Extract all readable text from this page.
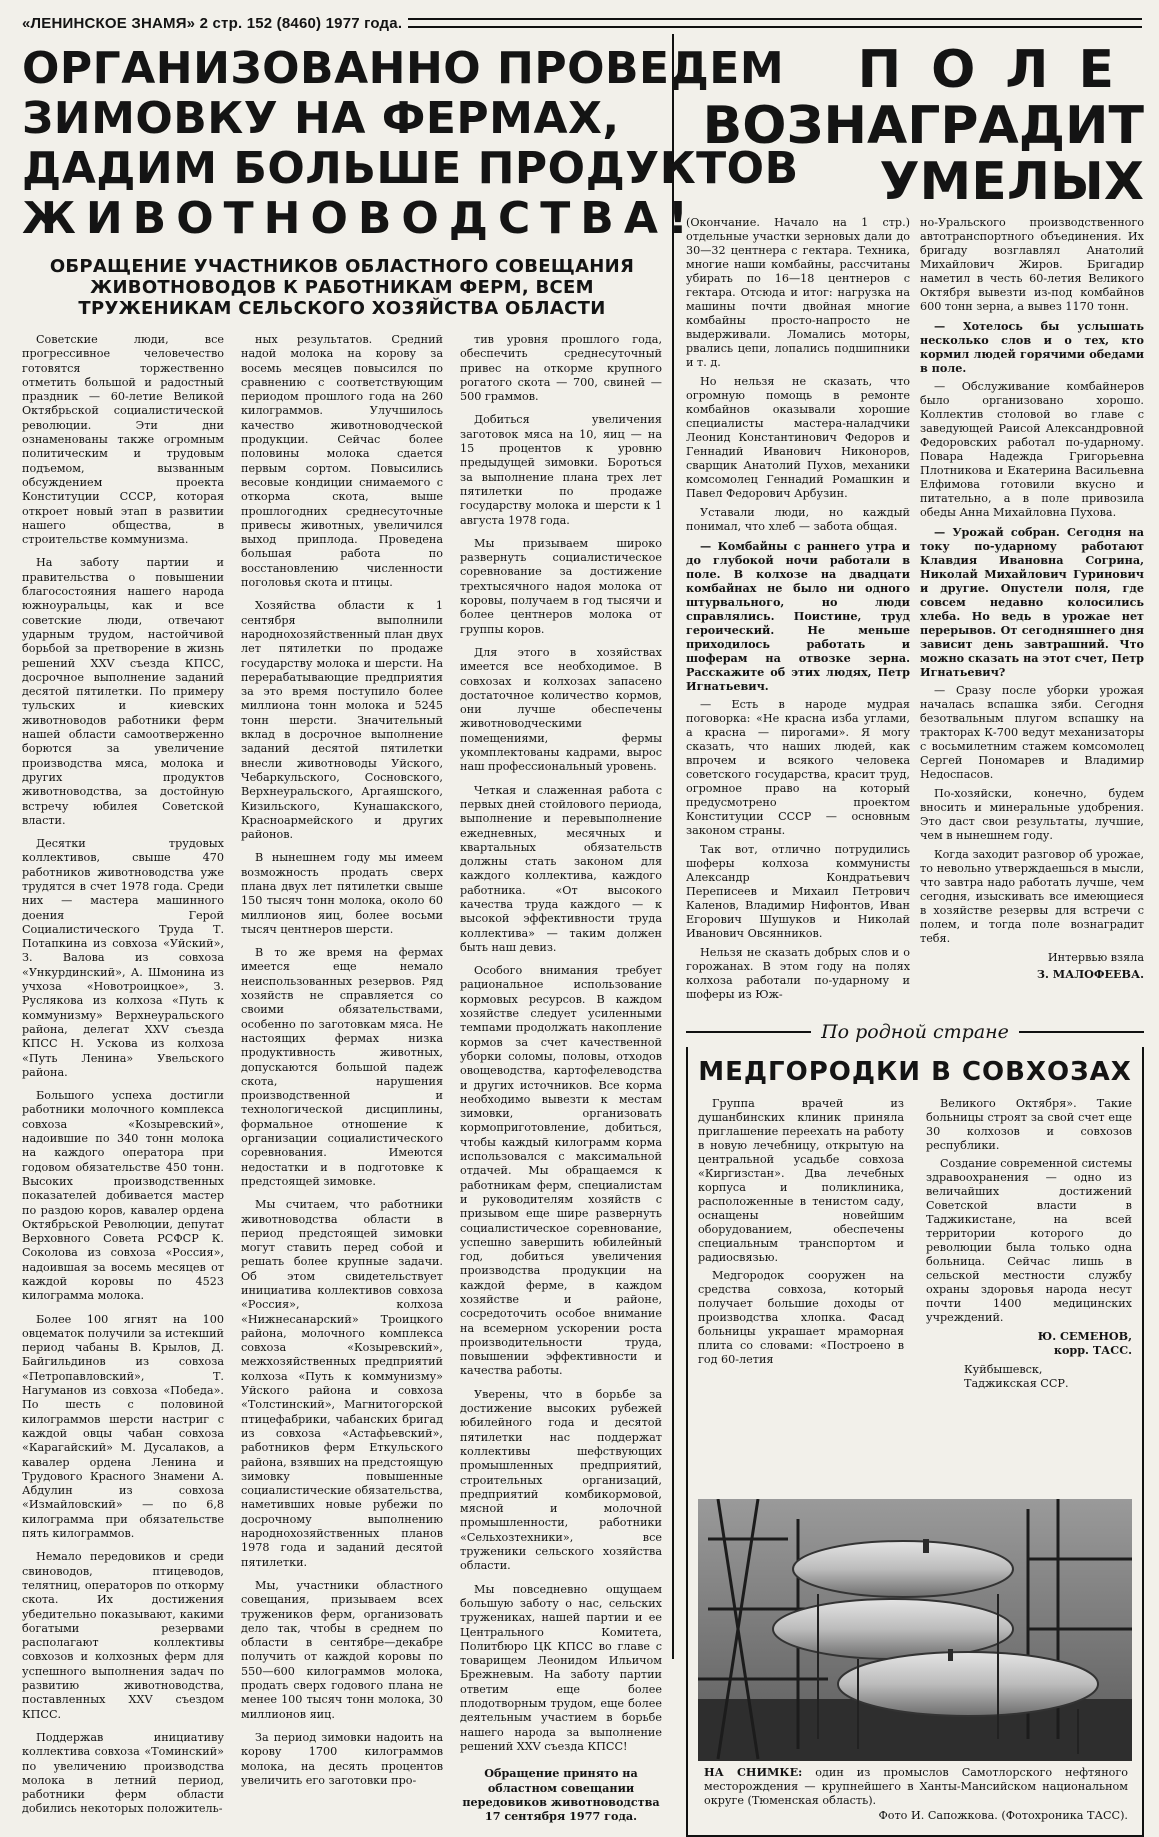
«ЛЕНИНСКОЕ ЗНАМЯ» 2 стр. 152 (8460) 1977 года.
ОРГАНИЗОВАННО ПРОВЕДЕМ
ЗИМОВКУ НА ФЕРМАХ,
ДАДИМ БОЛЬШЕ ПРОДУКТОВ
ЖИВОТНОВОДСТВА!
ОБРАЩЕНИЕ УЧАСТНИКОВ ОБЛАСТНОГО СОВЕЩАНИЯ ЖИВОТНОВОДОВ К РАБОТНИКАМ ФЕРМ, ВСЕМ ТРУЖЕНИКАМ СЕЛЬСКОГО ХОЗЯЙСТВА ОБЛАСТИ

Советские люди, все прогрессивное человечество готовятся торжественно отметить большой и радостный праздник — 60-летие Великой Октябрьской социалистической революции. Эти дни ознаменованы также огромным политическим и трудовым подъемом, вызванным обсуждением проекта Конституции СССР, которая откроет новый этап в развитии нашего общества, в строительстве коммунизма.

На заботу партии и правительства о повышении благосостояния нашего народа южноуральцы, как и все советские люди, отвечают ударным трудом, настойчивой борьбой за претворение в жизнь решений XXV съезда КПСС, досрочное выполнение заданий десятой пятилетки. По примеру тульских и киевских животноводов работники ферм нашей области самоотверженно борются за увеличение производства мяса, молока и других продуктов животноводства, за достойную встречу юбилея Советской власти.

Десятки трудовых коллективов, свыше 470 работников животноводства уже трудятся в счет 1978 года. Среди них — мастера машинного доения Герой Социалистического Труда Т. Потапкина из совхоза «Уйский», З. Валова из совхоза «Ункурдинский», А. Шмонина из учхоза «Новотроицкое», З. Руслякова из колхоза «Путь к коммунизму» Верхнеуральского района, делегат XXV съезда КПСС Н. Ускова из колхоза «Путь Ленина» Увельского района.

Большого успеха достигли работники молочного комплекса совхоза «Козыревский», надоившие по 340 тонн молока на каждого оператора при годовом обязательстве 450 тонн. Высоких производственных показателей добивается мастер по раздою коров, кавалер ордена Октябрьской Революции, депутат Верховного Совета РСФСР К. Соколова из совхоза «Россия», надоившая за восемь месяцев от каждой коровы по 4523 килограмма молока.

Более 100 ягнят на 100 овцематок получили за истекший период чабаны В. Крылов, Д. Байгильдинов из совхоза «Петропавловский», Т. Нагуманов из совхоза «Победа». По шесть с половиной килограммов шерсти настриг с каждой овцы чабан совхоза «Карагайский» М. Дусалаков, а кавалер ордена Ленина и Трудового Красного Знамени А. Абдулин из совхоза «Измайловский» — по 6,8 килограмма при обязательстве пять килограммов.

Немало передовиков и среди свиноводов, птицеводов, телятниц, операторов по откорму скота. Их достижения убедительно показывают, какими богатыми резервами располагают коллективы совхозов и колхозных ферм для успешного выполнения задач по развитию животноводства, поставленных XXV съездом КПСС.

Поддержав инициативу коллектива совхоза «Томинский» по увеличению производства молока в летний период, работники ферм области добились некоторых положитель-

ных результатов. Средний надой молока на корову за восемь месяцев повысился по сравнению с соответствующим периодом прошлого года на 260 килограммов. Улучшилось качество животноводческой продукции. Сейчас более половины молока сдается первым сортом. Повысились весовые кондиции снимаемого с откорма скота, выше прошлогодних среднесуточные привесы животных, увеличился выход приплода. Проведена большая работа по восстановлению численности поголовья скота и птицы.

Хозяйства области к 1 сентября выполнили народнохозяйственный план двух лет пятилетки по продаже государству молока и шерсти. На перерабатывающие предприятия за это время поступило более миллиона тонн молока и 5245 тонн шерсти. Значительный вклад в досрочное выполнение заданий десятой пятилетки внесли животноводы Уйского, Чебаркульского, Сосновского, Верхнеуральского, Аргаяшского, Кизильского, Кунашакского, Красноармейского и других районов.

В нынешнем году мы имеем возможность продать сверх плана двух лет пятилетки свыше 150 тысяч тонн молока, около 60 миллионов яиц, более восьми тысяч центнеров шерсти.

В то же время на фермах имеется еще немало неиспользованных резервов. Ряд хозяйств не справляется со своими обязательствами, особенно по заготовкам мяса. Не настоящих фермах низка продуктивность животных, допускаются большой падеж скота, нарушения производственной и технологической дисциплины, формальное отношение к организации социалистического соревнования. Имеются недостатки и в подготовке к предстоящей зимовке.

Мы считаем, что работники животноводства области в период предстоящей зимовки могут ставить перед собой и решать более крупные задачи. Об этом свидетельствует инициатива коллективов совхоза «Россия», колхоза «Нижнесанарский» Троицкого района, молочного комплекса совхоза «Козыревский», межхозяйственных предприятий колхоза «Путь к коммунизму» Уйского района и совхоза «Толстинский», Магнитогорской птицефабрики, чабанских бригад из совхоза «Астафьевский», работников ферм Еткульского района, взявших на предстоящую зимовку повышенные социалистические обязательства, наметивших новые рубежи по досрочному выполнению народнохозяйственных планов 1978 года и заданий десятой пятилетки.

Мы, участники областного совещания, призываем всех тружеников ферм, организовать дело так, чтобы в среднем по области в сентябре—декабре получить от каждой коровы по 550—600 килограммов молока, продать сверх годового плана не менее 100 тысяч тонн молока, 30 миллионов яиц.

За период зимовки надоить на корову 1700 килограммов молока, на десять процентов увеличить его заготовки про-

тив уровня прошлого года, обеспечить среднесуточный привес на откорме крупного рогатого скота — 700, свиней — 500 граммов.

Добиться увеличения заготовок мяса на 10, яиц — на 15 процентов к уровню предыдущей зимовки. Бороться за выполнение плана трех лет пятилетки по продаже государству молока и шерсти к 1 августа 1978 года.

Мы призываем широко развернуть социалистическое соревнование за достижение трехтысячного надоя молока от коровы, получаем в год тысячи и более центнеров молока от группы коров.

Для этого в хозяйствах имеется все необходимое. В совхозах и колхозах запасено достаточное количество кормов, они лучше обеспечены животноводческими помещениями, фермы укомплектованы кадрами, вырос наш профессиональный уровень.

Четкая и слаженная работа с первых дней стойлового периода, выполнение и перевыполнение ежедневных, месячных и квартальных обязательств должны стать законом для каждого коллектива, каждого работника. «От высокого качества труда каждого — к высокой эффективности труда коллектива» — таким должен быть наш девиз.

Особого внимания требует рациональное использование кормовых ресурсов. В каждом хозяйстве следует усиленными темпами продолжать накопление кормов за счет качественной уборки соломы, половы, отходов овощеводства, картофелеводства и других источников. Все корма необходимо вывезти к местам зимовки, организовать кормоприготовление, добиться, чтобы каждый килограмм корма использовался с максимальной отдачей. Мы обращаемся к работникам ферм, специалистам и руководителям хозяйств с призывом еще шире развернуть социалистическое соревнование, успешно завершить юбилейный год, добиться увеличения производства продукции на каждой ферме, в каждом хозяйстве и районе, сосредоточить особое внимание на всемерном ускорении роста производительности труда, повышении эффективности и качества работы.

Уверены, что в борьбе за достижение высоких рубежей юбилейного года и десятой пятилетки нас поддержат коллективы шефствующих промышленных предприятий, строительных организаций, предприятий комбикормовой, мясной и молочной промышленности, работники «Сельхозтехники», все труженики сельского хозяйства области.

Мы повседневно ощущаем большую заботу о нас, сельских тружениках, нашей партии и ее Центрального Комитета, Политбюро ЦК КПСС во главе с товарищем Леонидом Ильичом Брежневым. На заботу партии ответим еще более плодотворным трудом, еще более деятельным участием в борьбе нашего народа за выполнение решений XXV съезда КПСС!

Обращение принято на областном совещании передовиков животноводства 17 сентября 1977 года.

ПОЛЕ
ВОЗНАГРАДИТ
УМЕЛЫХ

(Окончание. Начало на 1 стр.) отдельные участки зерновых дали до 30—32 центнера с гектара. Техника, многие наши комбайны, рассчитаны убирать по 16—18 центнеров с гектара. Отсюда и итог: нагрузка на машины почти двойная многие комбайны просто-напросто не выдерживали. Ломались моторы, рвались цепи, лопались подшипники и т. д.

Но нельзя не сказать, что огромную помощь в ремонте комбайнов оказывали хорошие специалисты мастера-наладчики Леонид Константинович Федоров и Геннадий Иванович Никоноров, сварщик Анатолий Пухов, механики комсомолец Геннадий Ромашкин и Павел Федорович Арбузин.

Уставали люди, но каждый понимал, что хлеб — забота общая.

— Комбайны с раннего утра и до глубокой ночи работали в поле. В колхозе на двадцати комбайнах не было ни одного штурвального, но люди справлялись. Поистине, труд героический. Не меньше приходилось работать и шоферам на отвозке зерна. Расскажите об этих людях, Петр Игнатьевич.

— Есть в народе мудрая поговорка: «Не красна изба углами, а красна — пирогами». Я могу сказать, что наших людей, как впрочем и всякого человека советского государства, красит труд, огромное право на который предусмотрено проектом Конституции СССР — основным законом страны.

Так вот, отлично потрудились шоферы колхоза коммунисты Александр Кондратьевич Переписеев и Михаил Петрович Каленов, Владимир Нифонтов, Иван Егорович Шушуков и Николай Иванович Овсянников.

Нельзя не сказать добрых слов и о горожанах. В этом году на полях колхоза работали по-ударному и шоферы из Юж-

но-Уральского производственного автотранспортного объединения. Их бригаду возглавлял Анатолий Михайлович Жиров. Бригадир наметил в честь 60-летия Великого Октября вывезти из-под комбайнов 600 тонн зерна, а вывез 1170 тонн.

— Хотелось бы услышать несколько слов и о тех, кто кормил людей горячими обедами в поле.

— Обслуживание комбайнеров было организовано хорошо. Коллектив столовой во главе с заведующей Раисой Александровной Федоровских работал по-ударному. Повара Надежда Григорьевна Плотникова и Екатерина Васильевна Елфимова готовили вкусно и питательно, а в поле привозила обеды Анна Михайловна Пухова.

— Урожай собран. Сегодня на току по-ударному работают Клавдия Ивановна Согрина, Николай Михайлович Гуринович и другие. Опустели поля, где совсем недавно колосились хлеба. Но ведь в урожае нет перерывов. От сегодняшнего дня зависит день завтрашний. Что можно сказать на этот счет, Петр Игнатьевич?

— Сразу после уборки урожая началась вспашка зяби. Сегодня безотвальным плугом вспашку на тракторах К-700 ведут механизаторы с восьмилетним стажем комсомолец Сергей Пономарев и Владимир Недоспасов.

По-хозяйски, конечно, будем вносить и минеральные удобрения. Это даст свои результаты, лучшие, чем в нынешнем году.

Когда заходит разговор об урожае, то невольно утверждаешься в мысли, что завтра надо работать лучше, чем сегодня, изыскивать все имеющиеся в хозяйстве резервы для встречи с полем, и тогда поле вознаградит тебя.

Интервью взяла

З. МАЛОФЕЕВА.

По родной стране
МЕДГОРОДКИ В СОВХОЗАХ

Группа врачей из душанбинских клиник приняла приглашение переехать на работу в новую лечебницу, открытую на центральной усадьбе совхоза «Киргизстан». Два лечебных корпуса и поликлиника, расположенные в тенистом саду, оснащены новейшим оборудованием, обеспечены специальным транспортом и радиосвязью.

Медгородок сооружен на средства совхоза, который получает большие доходы от производства хлопка. Фасад больницы украшает мраморная плита со словами: «Построено в год 60-летия

Великого Октября». Такие больницы строят за свой счет еще 30 колхозов и совхозов республики.

Создание современной системы здравоохранения — одно из величайших достижений Советской власти в Таджикистане, на всей территории которого до революции была только одна больница. Сейчас лишь в сельской местности службу охраны здоровья народа несут почти 1400 медицинских учреждений.

Ю. СЕМЕНОВ,

корр. ТАСС.

Куйбышевск,

Таджикская ССР.

НА СНИМКЕ: один из промыслов Самотлорского нефтяного месторождения — крупнейшего в Ханты-Мансийском национальном округе (Тюменская область).
Фото И. Сапожкова. (Фотохроника ТАСС).
